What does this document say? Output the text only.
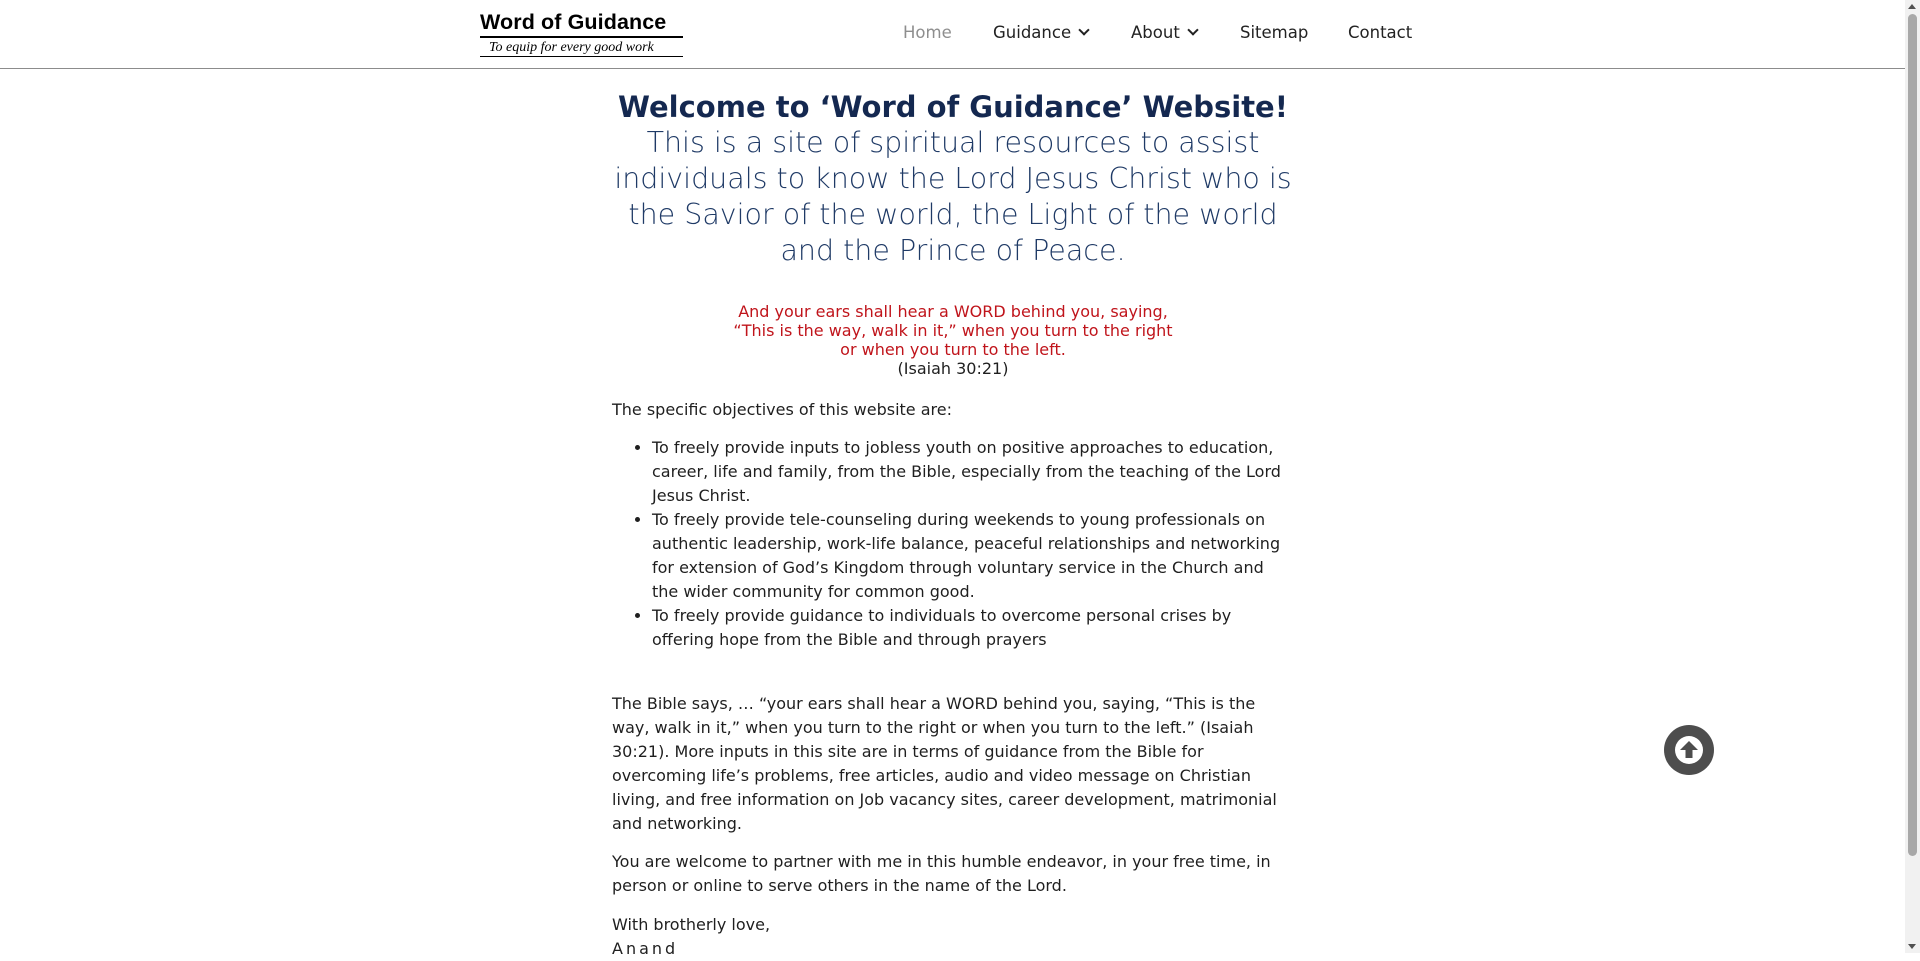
Word of Guidance
To equip for every good work
Home	Guidance	About	Sitemap Contact
Welcome to ‘Word of Guidance’ Website!
This is a site of spiritual resources to assist individuals to know the Lord Jesus Christ who is the Savior of the world, the Light of the world and the Prince of Peace.
And your ears shall hear a WORD behind you, saying,
“This is the way, walk in it,” when you turn to the right
or when you turn to the left.
(Isaiah 30:21)

The specific objectives of this website are:

• To freely provide inputs to jobless youth on positive approaches to education, career, life and family, from the Bible, especially from the teaching of the Lord Jesus Christ.
• To freely provide tele-counseling during weekends to young professionals on authentic leadership, work-life balance, peaceful relationships and networking for extension of God’s Kingdom through voluntary service in the Church and the wider community for common good.
• To freely provide guidance to individuals to overcome personal crises by offering hope from the Bible and through prayers

The Bible says, … “your ears shall hear a WORD behind you, saying, “This is the way, walk in it,” when you turn to the right or when you turn to the left.” (Isaiah 30:21). More inputs in this site are in terms of guidance from the Bible for overcoming life’s problems, free articles, audio and video message on Christian living, and free information on Job vacancy sites, career development, matrimonial and networking.

You are welcome to partner with me in this humble endeavor, in your free time, in person or online to serve others in the name of the Lord.

With brotherly love,

Anand
